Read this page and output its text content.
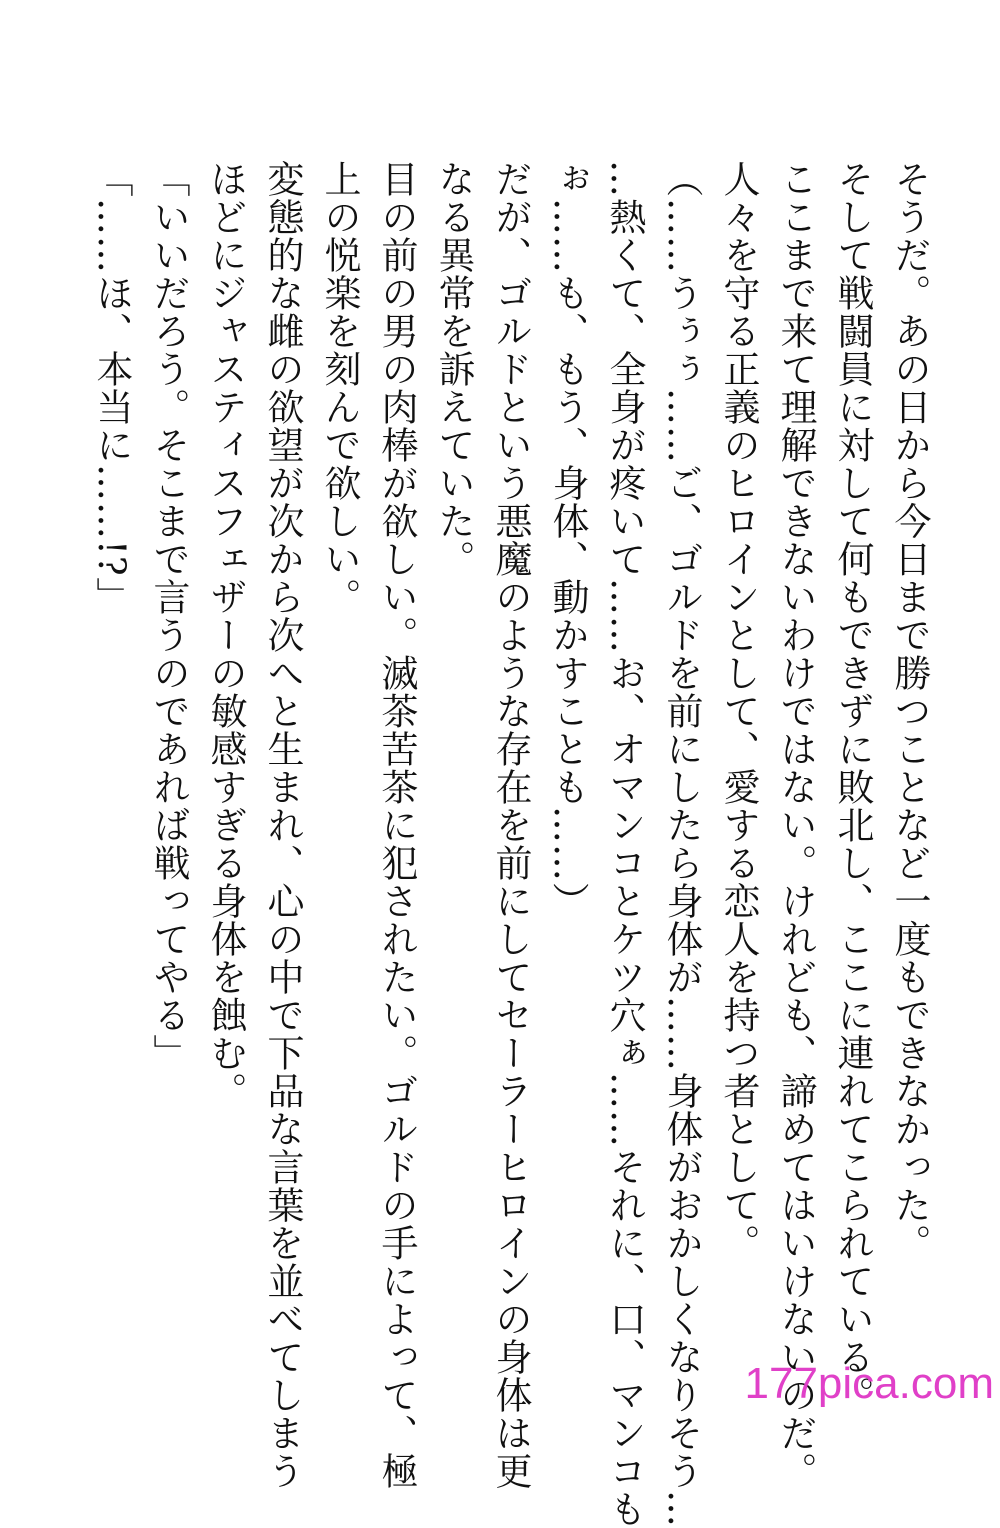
そうだ。あの日から今日まで勝つことなど一度もできなかった。
そして戦闘員に対して何もできずに敗北し、ここに連れてこられている。
ここまで来て理解できないわけではない。けれども、諦めてはいけないのだ。
人々を守る正義のヒロインとして、愛する恋人を持つ者として。
（……うぅぅ……ご、ゴルドを前にしたら身体が……身体がおかしくなりそう…
…熱くて、全身が疼いて……お、オマンコとケツ穴ぁ……それに、口、マンコも
ぉ……も、もう、身体、動かすことも……）
だが、ゴルドという悪魔のような存在を前にしてセーラーヒロインの身体は更
なる異常を訴えていた。
目の前の男の肉棒が欲しい。滅茶苦茶に犯されたい。ゴルドの手によって、極
上の悦楽を刻んで欲しい。
変態的な雌の欲望が次から次へと生まれ、心の中で下品な言葉を並べてしまう
ほどにジャスティスフェザーの敏感すぎる身体を蝕む。
「いいだろう。そこまで言うのであれば戦ってやる」
「……ほ、本当に……!?」
177pica.com
